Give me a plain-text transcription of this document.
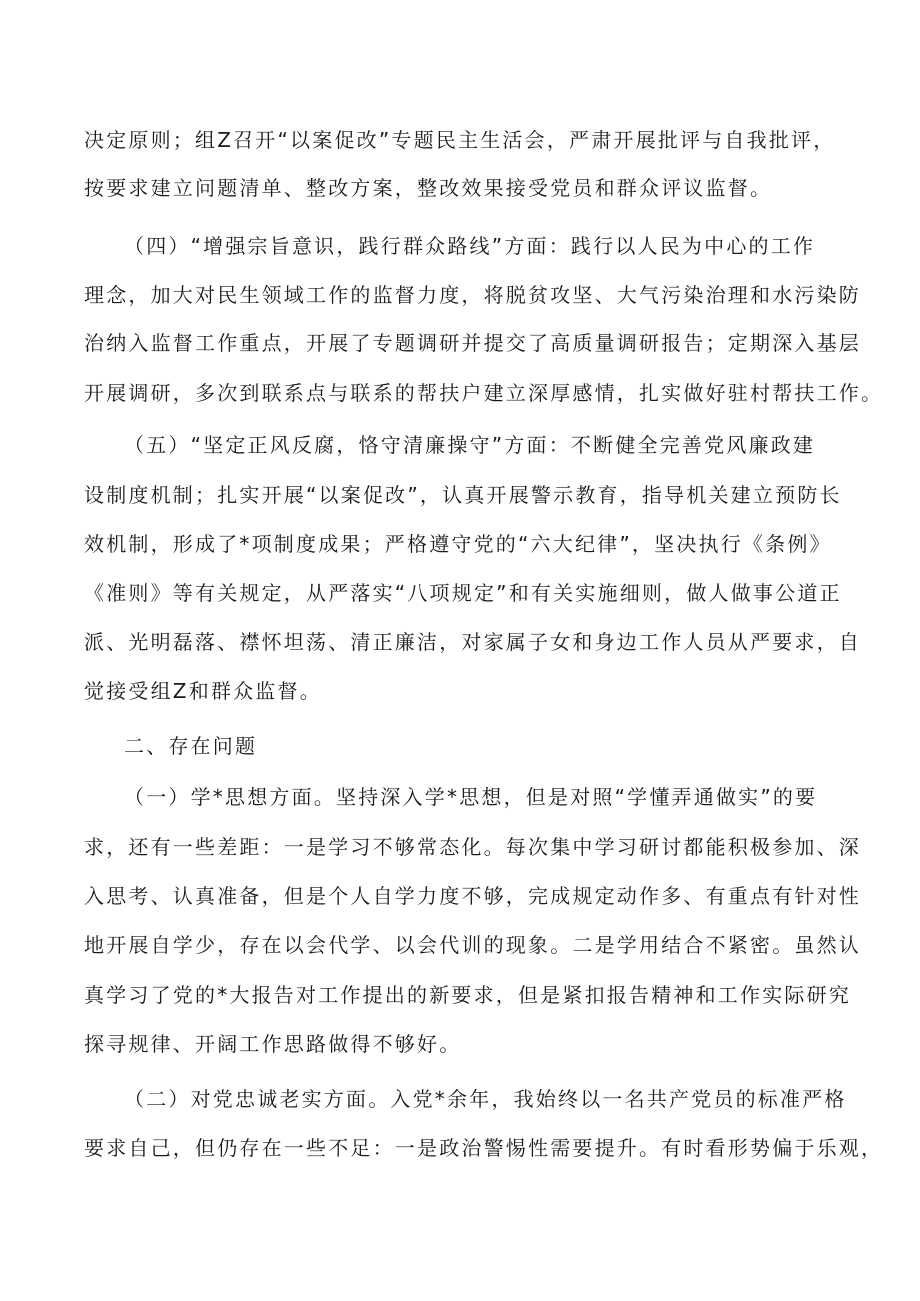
决定原则；组Z召开“以案促改”专题民主生活会，严肃开展批评与自我批评，
按要求建立问题清单、整改方案，整改效果接受党员和群众评议监督。
（四）“增强宗旨意识，践行群众路线”方面：践行以人民为中心的工作
理念，加大对民生领域工作的监督力度，将脱贫攻坚、大气污染治理和水污染防
治纳入监督工作重点，开展了专题调研并提交了高质量调研报告；定期深入基层
开展调研，多次到联系点与联系的帮扶户建立深厚感情，扎实做好驻村帮扶工作。
（五）“坚定正风反腐，恪守清廉操守”方面：不断健全完善党风廉政建
设制度机制；扎实开展“以案促改”，认真开展警示教育，指导机关建立预防长
效机制，形成了*项制度成果；严格遵守党的“六大纪律”，坚决执行《条例》
《准则》等有关规定，从严落实“八项规定”和有关实施细则，做人做事公道正
派、光明磊落、襟怀坦荡、清正廉洁，对家属子女和身边工作人员从严要求，自
觉接受组Z和群众监督。
二、存在问题
（一）学*思想方面。坚持深入学*思想，但是对照“学懂弄通做实”的要
求，还有一些差距：一是学习不够常态化。每次集中学习研讨都能积极参加、深
入思考、认真准备，但是个人自学力度不够，完成规定动作多、有重点有针对性
地开展自学少，存在以会代学、以会代训的现象。二是学用结合不紧密。虽然认
真学习了党的*大报告对工作提出的新要求，但是紧扣报告精神和工作实际研究
探寻规律、开阔工作思路做得不够好。
（二）对党忠诚老实方面。入党*余年，我始终以一名共产党员的标准严格
要求自己，但仍存在一些不足：一是政治警惕性需要提升。有时看形势偏于乐观，
